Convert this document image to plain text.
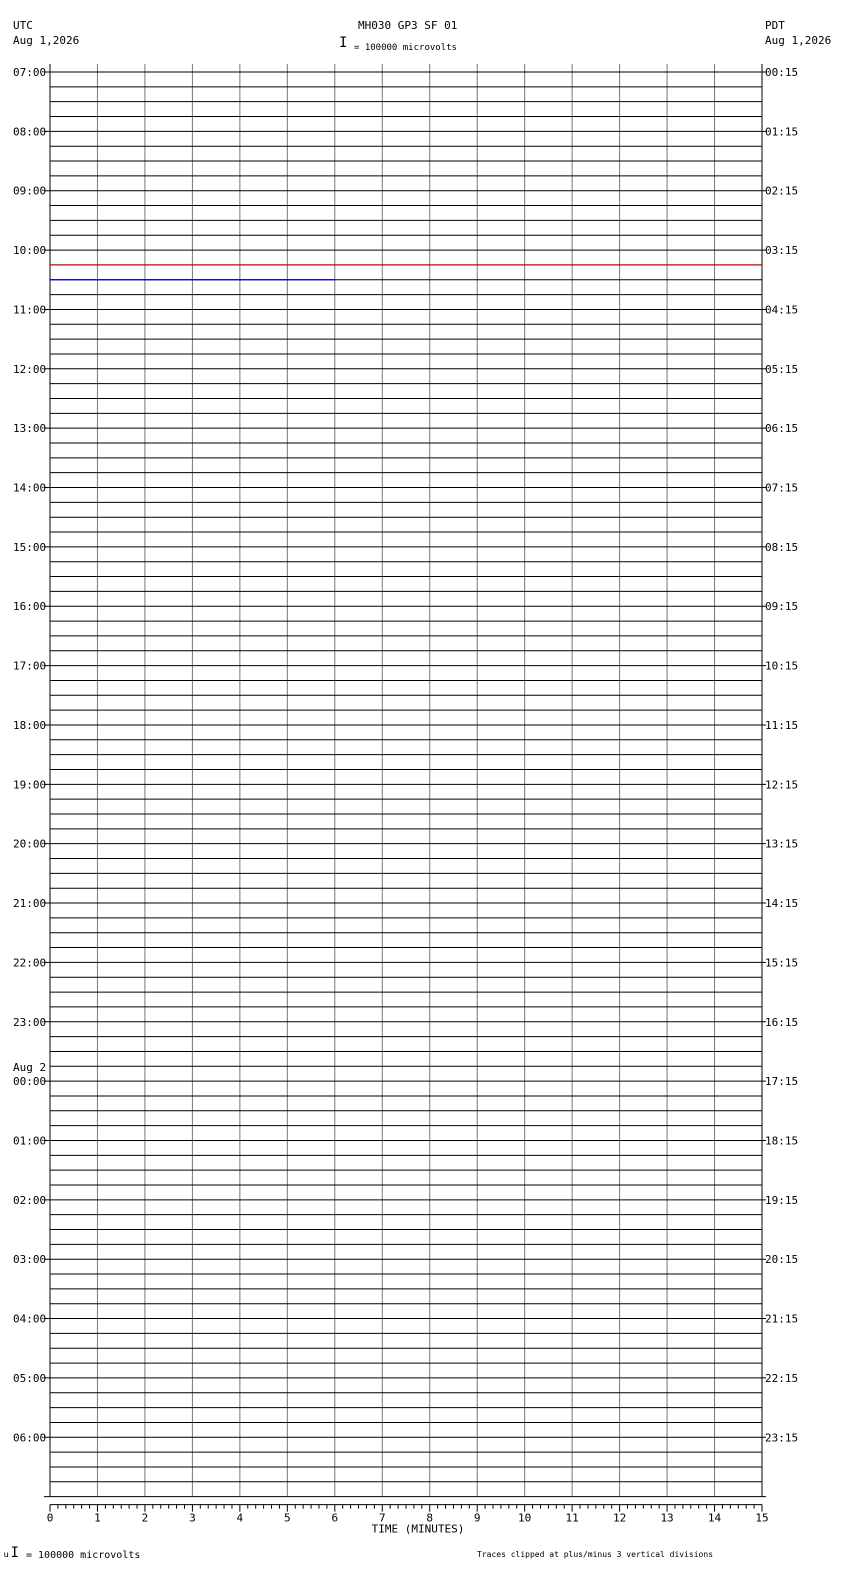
UTC
Aug 1,2026
MH030 GP3 SF 01
I = 100000 microvolts
PDT
Aug 1,2026
07:00
08:00
09:00
10:00
11:00
12:00
13:00
14:00
15:00
16:00
17:00
18:00
19:00
20:00
21:00
22:00
23:00
00:00
Aug 2
01:00
02:00
03:00
04:00
05:00
06:00
00:15
01:15
02:15
03:15
04:15
05:15
06:15
07:15
08:15
09:15
10:15
11:15
12:15
13:15
14:15
15:15
16:15
17:15
18:15
19:15
20:15
21:15
22:15
23:15
0	1	2	3	4	5	6	7	8	9	10	11	12	13	14	15
TIME (MINUTES)
ᵤI = 100000 microvolts	Traces clipped at plus/minus 3 vertical divisions
